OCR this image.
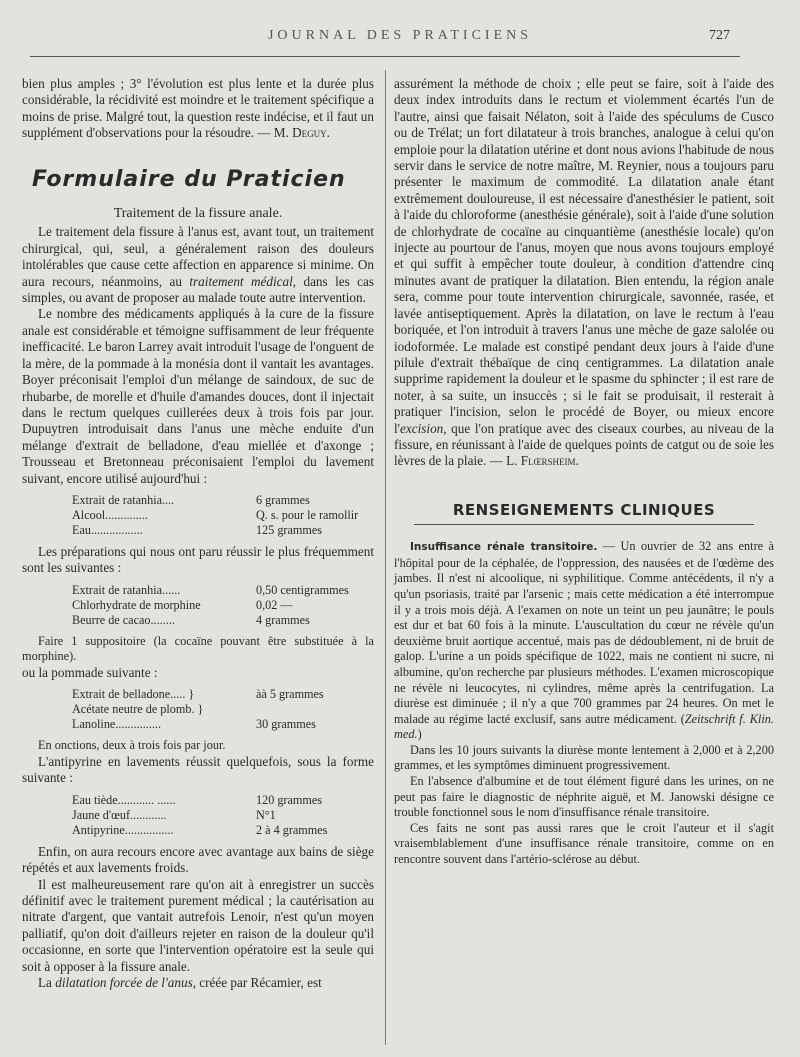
JOURNAL DES PRATICIENS	727

bien plus amples ; 3° l'évolution est plus lente et la durée plus considérable, la récidivité est moindre et le traitement spécifique a moins de prise. Malgré tout, la question reste indécise, et il faut un supplément d'observations pour la résoudre. — M. Deguy.

Formulaire du Praticien
Traitement de la fissure anale.

Le traitement dela fissure à l'anus est, avant tout, un traitement chirurgical, qui, seul, a généralement raison des douleurs intolérables que cause cette affection en apparence si minime. On aura recours, néanmoins, au traitement médical, dans les cas simples, ou avant de proposer au malade toute autre intervention.

Le nombre des médicaments appliqués à la cure de la fissure anale est considérable et témoigne suffisamment de leur fréquente inefficacité. Le baron Larrey avait introduit l'usage de l'onguent de la mère, de la pommade à la monésia dont il vantait les avantages. Boyer préconisait l'emploi d'un mélange de saindoux, de suc de rhubarbe, de morelle et d'huile d'amandes douces, dont il injectait dans le rectum quelques cuillerées deux à trois fois par jour. Dupuytren introduisait dans l'anus une mèche enduite d'un mélange d'extrait de belladone, d'eau miellée et d'axonge ; Trousseau et Bretonneau préconisaient l'emploi du lavement suivant, encore utilisé aujourd'hui :

Extrait de ratanhia....	6 grammes
Alcool..............	Q. s. pour le ramollir
Eau.................	125 grammes

Les préparations qui nous ont paru réussir le plus fréquemment sont les suivantes :

Extrait de ratanhia......	0,50 centigrammes
Chlorhydrate de morphine	0,02 —
Beurre de cacao........	4 grammes

Faire 1 suppositoire (la cocaïne pouvant être substituée à la morphine).

ou la pommade suivante :

Extrait de belladone..... }	àà 5 grammes
Acétate neutre de plomb. }	
Lanoline...............	30 grammes

En onctions, deux à trois fois par jour.

L'antipyrine en lavements réussit quelquefois, sous la forme suivante :

Eau tiède............ ......	120 grammes
Jaune d'œuf............	N°1
Antipyrine................	2 à 4 grammes

Enfin, on aura recours encore avec avantage aux bains de siège répétés et aux lavements froids.

Il est malheureusement rare qu'on ait à enregistrer un succès définitif avec le traitement purement médical ; la cautérisation au nitrate d'argent, que vantait autrefois Lenoir, n'est qu'un moyen palliatif, qu'on doit d'ailleurs rejeter en raison de la douleur qu'il occasionne, en sorte que l'intervention opératoire est la seule qui soit à opposer à la fissure anale.

La dilatation forcée de l'anus, créée par Récamier, est

assurément la méthode de choix ; elle peut se faire, soit à l'aide des deux index introduits dans le rectum et violemment écartés l'un de l'autre, ainsi que faisait Nélaton, soit à l'aide des spéculums de Cusco ou de Trélat; un fort dilatateur à trois branches, analogue à celui qu'on emploie pour la dilatation utérine et dont nous avions l'habitude de nous servir dans le service de notre maître, M. Reynier, nous a toujours paru présenter le maximum de commodité. La dilatation anale étant extrêmement douloureuse, il est nécessaire d'anesthésier le patient, soit à l'aide du chloroforme (anesthésie générale), soit à l'aide d'une solution de chlorhydrate de cocaïne au cinquantième (anesthésie locale) qu'on injecte au pourtour de l'anus, moyen que nous avons toujours employé et qui suffit à empêcher toute douleur, à condition d'attendre cinq minutes avant de pratiquer la dilatation. Bien entendu, la région anale sera, comme pour toute intervention chirurgicale, savonnée, rasée, et lavée antiseptiquement. Après la dilatation, on lave le rectum à l'eau boriquée, et l'on introduit à travers l'anus une mèche de gaze salolée ou iodoformée. Le malade est constipé pendant deux jours à l'aide d'une pilule d'extrait thébaïque de cinq centigrammes. La dilatation anale supprime rapidement la douleur et le spasme du sphincter ; il est rare de noter, à sa suite, un insuccès ; si le fait se produisait, il resterait à pratiquer l'incision, selon le procédé de Boyer, ou mieux encore l'excision, que l'on pratique avec des ciseaux courbes, au niveau de la fissure, en réunissant à l'aide de quelques points de catgut ou de soie les lèvres de la plaie. — L. Flœrsheim.

RENSEIGNEMENTS CLINIQUES

Insuffisance rénale transitoire. — Un ouvrier de 32 ans entre à l'hôpital pour de la céphalée, de l'oppression, des nausées et de l'œdème des jambes. Il n'est ni alcoolique, ni syphilitique. Comme antécédents, il n'y a qu'un psoriasis, traité par l'arsenic ; mais cette médication a été interrompue il y a trois mois déjà. A l'examen on note un teint un peu jaunâtre; le pouls est dur et bat 60 fois à la minute. L'auscultation du cœur ne révèle qu'un deuxième bruit aortique accentué, mais pas de dédoublement, ni de bruit de galop. L'urine a un poids spécifique de 1022, mais ne contient ni sucre, ni albumine, qu'on recherche par plusieurs méthodes. L'examen microscopique ne révèle ni leucocytes, ni cylindres, même après la centrifugation. La diurèse est diminuée ; il n'y a que 700 grammes par 24 heures. On met le malade au régime lacté exclusif, sans autre médicament. (Zeitschrift f. Klin. med.)

Dans les 10 jours suivants la diurèse monte lentement à 2,000 et à 2,200 grammes, et les symptômes diminuent progressivement.

En l'absence d'albumine et de tout élément figuré dans les urines, on ne peut pas faire le diagnostic de néphrite aiguë, et M. Janowski désigne ce trouble fonctionnel sous le nom d'insuffisance rénale transitoire.

Ces faits ne sont pas aussi rares que le croit l'auteur et il s'agit vraisemblablement d'une insuffisance rénale transitoire, comme on en rencontre souvent dans l'artério-sclérose au début.
